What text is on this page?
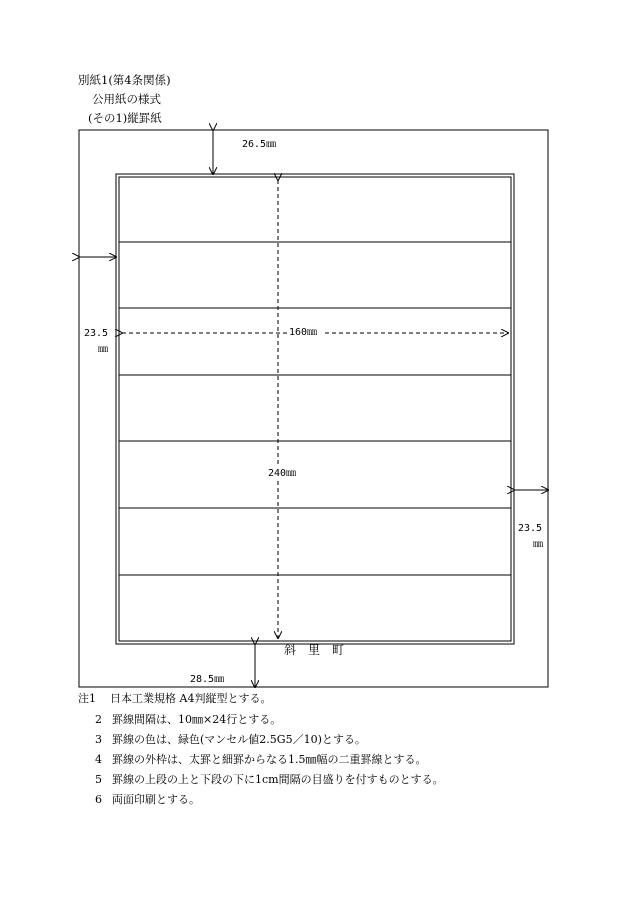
別紙1(第4条関係)
公用紙の様式
(その1)縦罫紙
26.5㎜
23.5
㎜
160㎜
240㎜
23.5
㎜
28.5㎜
斜　里　町
注1 日本工業規格 A4判縦型とする。
2 罫線間隔は、10㎜×24行とする。
3 罫線の色は、緑色(マンセル値2.5G5／10)とする。
4 罫線の外枠は、太罫と細罫からなる1.5㎜幅の二重罫線とする。
5 罫線の上段の上と下段の下に1cm間隔の目盛りを付すものとする。
6 両面印刷とする。
